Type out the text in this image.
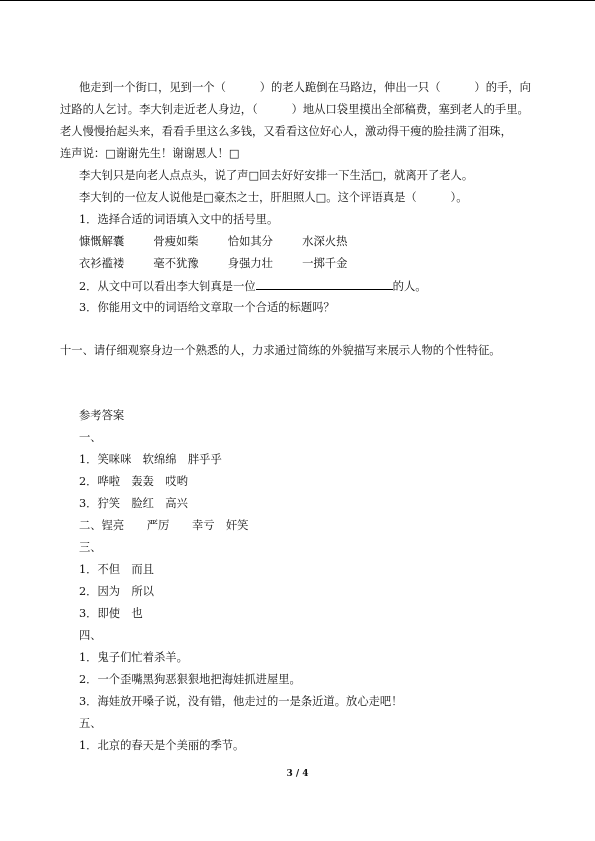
他走到一个街口，见到一个（　　　）的老人跪倒在马路边，伸出一只（　　　）的手，向
过路的人乞讨。李大钊走近老人身边，（　　　）地从口袋里摸出全部稿费，塞到老人的手里。
老人慢慢抬起头来，看看手里这么多钱，又看看这位好心人，激动得干瘦的脸挂满了泪珠，
连声说：□谢谢先生！谢谢恩人！□
李大钊只是向老人点点头，说了声□回去好好安排一下生活□，就离开了老人。
李大钊的一位友人说他是□豪杰之士，肝胆照人□。这个评语真是（　　　）。
1．选择合适的词语填入文中的括号里。
慷慨解囊	骨瘦如柴	恰如其分	水深火热
衣衫褴褛	毫不犹豫	身强力壮	一掷千金
2．从文中可以看出李大钊真是一位	的人。
3．你能用文中的词语给文章取一个合适的标题吗？
十一、请仔细观察身边一个熟悉的人，力求通过简练的外貌描写来展示人物的个性特征。
参考答案
一、
1．笑咪咪　软绵绵　胖乎乎
2．哗啦　轰轰　哎哟
3．狞笑　脸红　高兴
二、锃亮　　严厉　　幸亏　奸笑
三、
1．不但　而且
2．因为　所以
3．即使　也
四、
1．鬼子们忙着杀羊。
2．一个歪嘴黑狗恶狠狠地把海娃抓进屋里。
3．海娃放开嗓子说，没有错，他走过的一是条近道。放心走吧！
五、
1．北京的春天是个美丽的季节。
3 / 4
